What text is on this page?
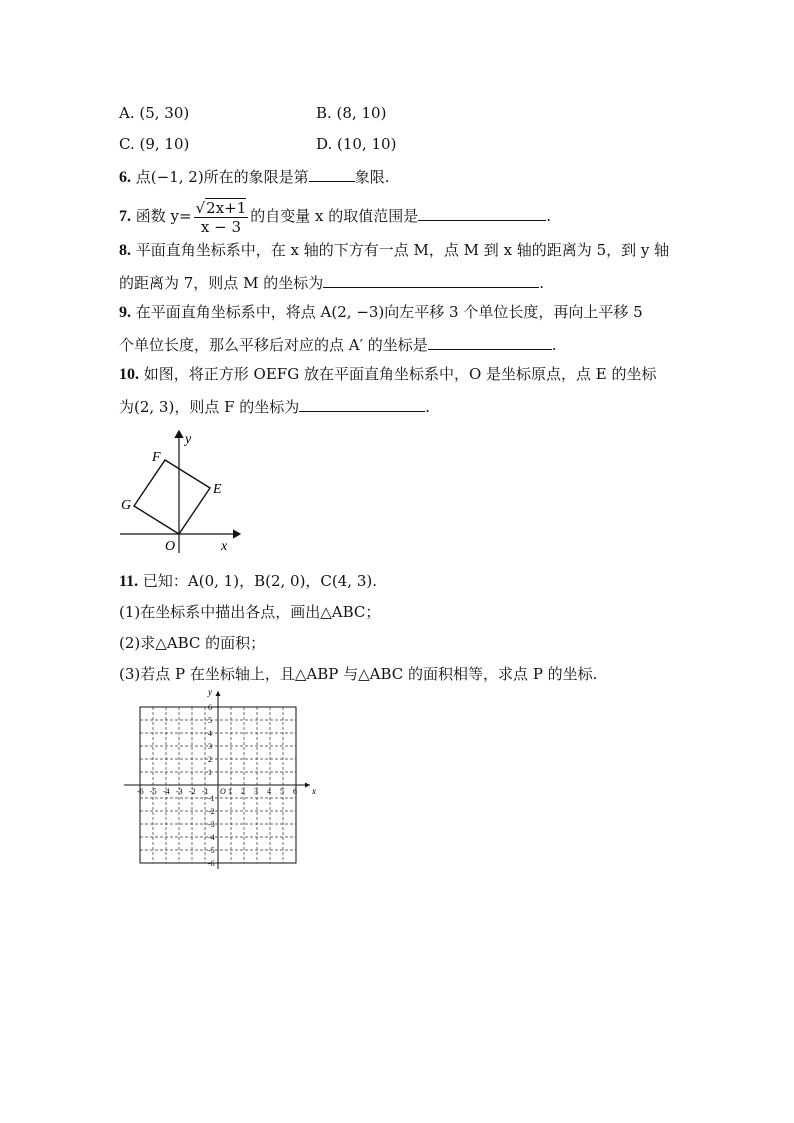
A. (5, 30)	B. (8, 10)
C. (9, 10)	D. (10, 10)
6. 点(−1, 2)所在的象限是第	象限.
7. 函数 $y= \frac{√2x+1}{x - 3}$ 的自变量 x 的取值范围是	.
8. 平面直角坐标系中，在 x 轴的下方有一点 M，点 M 到 x 轴的距离为 5，到 y 轴
的距离为 7，则点 M 的坐标为	.
9. 在平面直角坐标系中，将点 A(2, −3)向左平移 3 个单位长度，再向上平移 5
个单位长度，那么平移后对应的点 A′ 的坐标是	.
10. 如图，将正方形 OEFG 放在平面直角坐标系中，O 是坐标原点，点 E 的坐标
为(2, 3)，则点 F 的坐标为	.
y
x
O
E
F
G
11. 已知：A(0, 1)，B(2, 0)，C(4, 3).
(1)在坐标系中描出各点，画出△ABC；
(2)求△ABC 的面积；
(3)若点 P 在坐标轴上，且△ABP 与△ABC 的面积相等，求点 P 的坐标.
-6 -5 -4 -3 -2 -1 1 2 3 4 5 6
6
5
4
3
2
1
-1
-2
-3
-4
-5
-6
x
y
O
